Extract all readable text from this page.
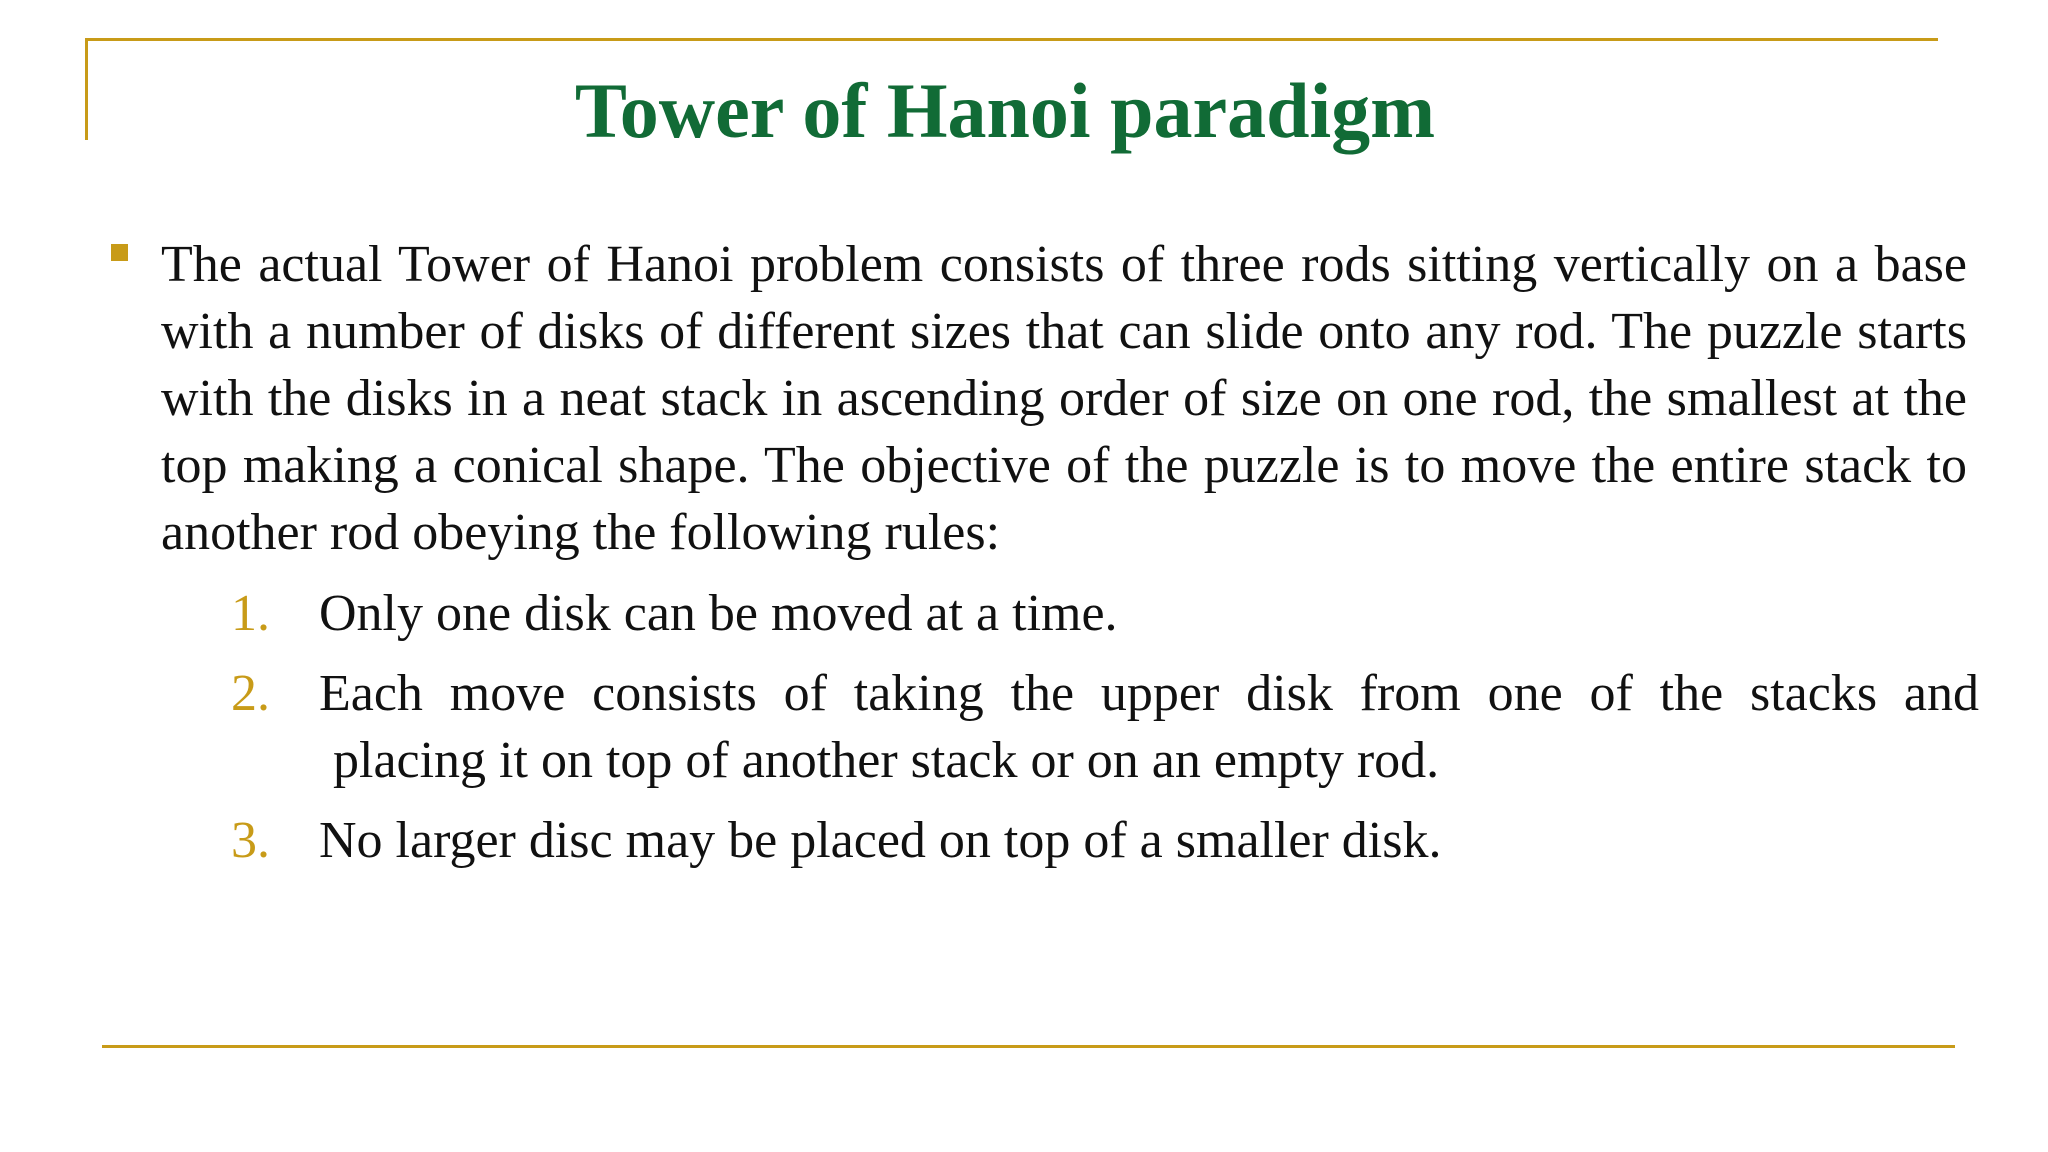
Tower of Hanoi paradigm
The actual Tower of Hanoi problem consists of three rods sitting vertically on a base with a number of disks of different sizes that can slide onto any rod. The puzzle starts with the disks in a neat stack in ascending order of size on one rod, the smallest at the top making a conical shape. The objective of the puzzle is to move the entire stack to another rod obeying the following rules:
1. Only one disk can be moved at a time.
2. Each move consists of taking the upper disk from one of the stacks and
placing it on top of another stack or on an empty rod.
3. No larger disc may be placed on top of a smaller disk.
